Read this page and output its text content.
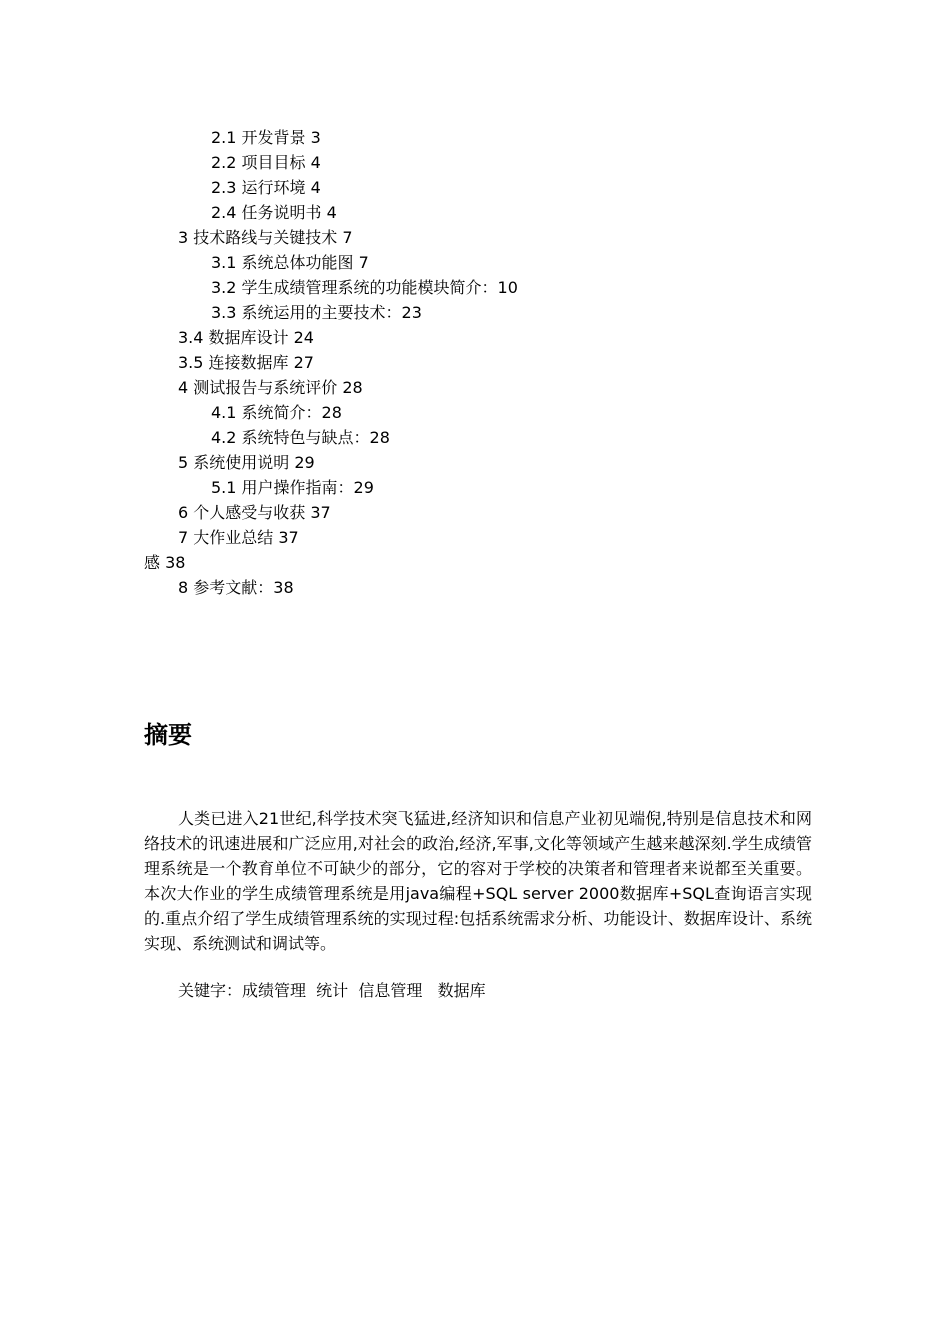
2.1 开发背景 3
2.2 项目目标 4
2.3 运行环境 4
2.4 任务说明书 4
3 技术路线与关键技术 7
3.1 系统总体功能图 7
3.2 学生成绩管理系统的功能模块简介：10
3.3 系统运用的主要技术：23
3.4 数据库设计 24
3.5 连接数据库 27
4 测试报告与系统评价 28
4.1 系统简介：28
4.2 系统特色与缺点：28
5 系统使用说明 29
5.1 用户操作指南：29
6 个人感受与收获 37
7 大作业总结 37
感 38
8 参考文献：38
摘要
人类已进入21世纪,科学技术突飞猛进,经济知识和信息产业初见端倪,特别是信息技术和网络技术的讯速进展和广泛应用,对社会的政治,经济,军事,文化等领域产生越来越深刻.学生成绩管理系统是一个教育单位不可缺少的部分，它的容对于学校的决策者和管理者来说都至关重要。本次大作业的学生成绩管理系统是用java编程+SQL server 2000数据库+SQL查询语言实现的.重点介绍了学生成绩管理系统的实现过程:包括系统需求分析、功能设计、数据库设计、系统实现、系统测试和调试等。
关键字：成绩管理  统计  信息管理   数据库
